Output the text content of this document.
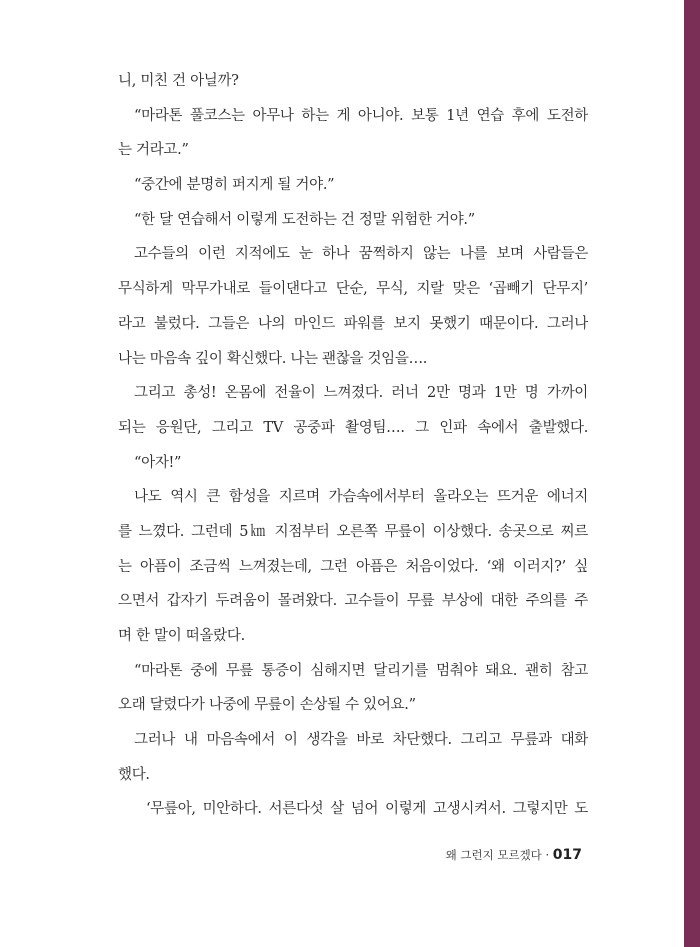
니, 미친 건 아닐까?
“마라톤 풀코스는 아무나 하는 게 아니야. 보통 1년 연습 후에 도전하
는 거라고.”
“중간에 분명히 퍼지게 될 거야.”
“한 달 연습해서 이렇게 도전하는 건 정말 위험한 거야.”
고수들의 이런 지적에도 눈 하나 꿈쩍하지 않는 나를 보며 사람들은
무식하게 막무가내로 들이댄다고 단순, 무식, 지랄 맞은 ‘곱빼기 단무지’
라고 불렀다. 그들은 나의 마인드 파워를 보지 못했기 때문이다. 그러나
나는 마음속 깊이 확신했다. 나는 괜찮을 것임을….
그리고 총성! 온몸에 전율이 느껴졌다. 러너 2만 명과 1만 명 가까이
되는 응원단, 그리고 TV 공중파 촬영팀…. 그 인파 속에서 출발했다.
“아자!”
나도 역시 큰 함성을 지르며 가슴속에서부터 올라오는 뜨거운 에너지
를 느꼈다. 그런데 5㎞ 지점부터 오른쪽 무릎이 이상했다. 송곳으로 찌르
는 아픔이 조금씩 느껴졌는데, 그런 아픔은 처음이었다. ‘왜 이러지?’ 싶
으면서 갑자기 두려움이 몰려왔다. 고수들이 무릎 부상에 대한 주의를 주
며 한 말이 떠올랐다.
“마라톤 중에 무릎 통증이 심해지면 달리기를 멈춰야 돼요. 괜히 참고
오래 달렸다가 나중에 무릎이 손상될 수 있어요.”
그러나 내 마음속에서 이 생각을 바로 차단했다. 그리고 무릎과 대화
했다.
‘무릎아, 미안하다. 서른다섯 살 넘어 이렇게 고생시켜서. 그렇지만 도
왜 그런지 모르겠다 · 017
